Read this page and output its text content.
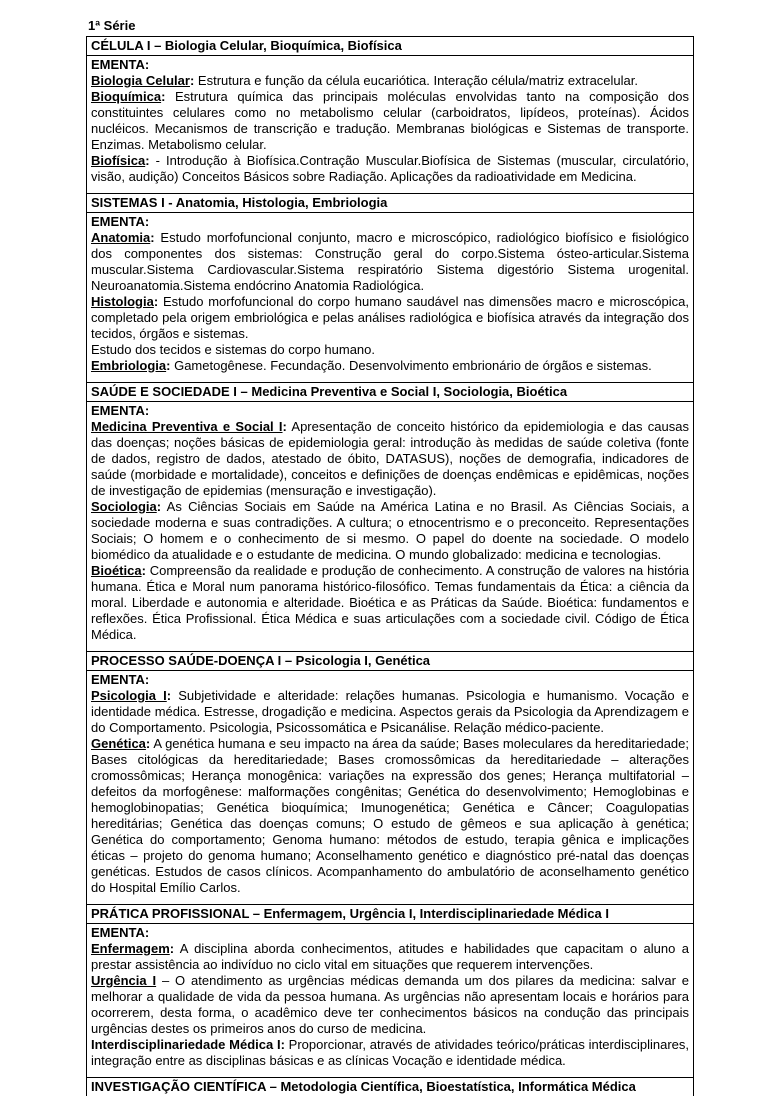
1ª Série
CÉLULA I – Biologia Celular, Bioquímica, Biofísica
EMENTA:

Biologia Celular: Estrutura e função da célula eucariótica. Interação célula/matriz extracelular.

Bioquímica: Estrutura química das principais moléculas envolvidas tanto na composição dos constituintes celulares como no metabolismo celular (carboidratos, lipídeos, proteínas). Ácidos nucléicos. Mecanismos de transcrição e tradução. Membranas biológicas e Sistemas de transporte. Enzimas. Metabolismo celular.

Biofísica: - Introdução à Biofísica.Contração Muscular.Biofísica de Sistemas (muscular, circulatório, visão, audição) Conceitos Básicos sobre Radiação. Aplicações da radioatividade em Medicina.

SISTEMAS I - Anatomia, Histologia, Embriologia
EMENTA:

Anatomia: Estudo morfofuncional conjunto, macro e microscópico, radiológico biofísico e fisiológico dos componentes dos sistemas: Construção geral do corpo.Sistema ósteo-articular.Sistema muscular.Sistema Cardiovascular.Sistema respiratório Sistema digestório Sistema urogenital. Neuroanatomia.Sistema endócrino Anatomia Radiológica.

Histologia: Estudo morfofuncional do corpo humano saudável nas dimensões macro e microscópica, completado pela origem embriológica e pelas análises radiológica e biofísica através da integração dos tecidos, órgãos e sistemas.

Estudo dos tecidos e sistemas do corpo humano.

Embriologia: Gametogênese. Fecundação. Desenvolvimento embrionário de órgãos e sistemas.

SAÚDE E SOCIEDADE I – Medicina Preventiva e Social I, Sociologia, Bioética
EMENTA:

Medicina Preventiva e Social I: Apresentação de conceito histórico da epidemiologia e das causas das doenças; noções básicas de epidemiologia geral: introdução às medidas de saúde coletiva (fonte de dados, registro de dados, atestado de óbito, DATASUS), noções de demografia, indicadores de saúde (morbidade e mortalidade), conceitos e definições de doenças endêmicas e epidêmicas, noções de investigação de epidemias (mensuração e investigação).

Sociologia: As Ciências Sociais em Saúde na América Latina e no Brasil. As Ciências Sociais, a sociedade moderna e suas contradições. A cultura; o etnocentrismo e o preconceito. Representações Sociais; O homem e o conhecimento de si mesmo. O papel do doente na sociedade. O modelo biomédico da atualidade e o estudante de medicina. O mundo globalizado: medicina e tecnologias.

Bioética: Compreensão da realidade e produção de conhecimento. A construção de valores na história humana. Ética e Moral num panorama histórico-filosófico. Temas fundamentais da Ética: a ciência da moral. Liberdade e autonomia e alteridade. Bioética e as Práticas da Saúde. Bioética: fundamentos e reflexões. Ética Profissional. Ética Médica e suas articulações com a sociedade civil. Código de Ética Médica.

PROCESSO SAÚDE-DOENÇA I – Psicologia I, Genética
EMENTA:

Psicologia I: Subjetividade e alteridade: relações humanas. Psicologia e humanismo. Vocação e identidade médica. Estresse, drogadição e medicina. Aspectos gerais da Psicologia da Aprendizagem e do Comportamento. Psicologia, Psicossomática e Psicanálise. Relação médico-paciente.

Genética: A genética humana e seu impacto na área da saúde; Bases moleculares da hereditariedade; Bases citológicas da hereditariedade; Bases cromossômicas da hereditariedade – alterações cromossômicas; Herança monogênica: variações na expressão dos genes; Herança multifatorial – defeitos da morfogênese: malformações congênitas; Genética do desenvolvimento; Hemoglobinas e hemoglobinopatias; Genética bioquímica; Imunogenética; Genética e Câncer; Coagulopatias hereditárias; Genética das doenças comuns; O estudo de gêmeos e sua aplicação à genética; Genética do comportamento; Genoma humano: métodos de estudo, terapia gênica e implicações éticas – projeto do genoma humano; Aconselhamento genético e diagnóstico pré-natal das doenças genéticas. Estudos de casos clínicos. Acompanhamento do ambulatório de aconselhamento genético do Hospital Emílio Carlos.

PRÁTICA PROFISSIONAL – Enfermagem, Urgência I, Interdisciplinariedade Médica I
EMENTA:

Enfermagem: A disciplina aborda conhecimentos, atitudes e habilidades que capacitam o aluno a prestar assistência ao indivíduo no ciclo vital em situações que requerem intervenções.

Urgência I – O atendimento as urgências médicas demanda um dos pilares da medicina: salvar e melhorar a qualidade de vida da pessoa humana. As urgências não apresentam locais e horários para ocorrerem, desta forma, o acadêmico deve ter conhecimentos básicos na condução das principais urgências destes os primeiros anos do curso de medicina.

Interdisciplinariedade Médica I: Proporcionar, através de atividades teórico/práticas interdisciplinares, integração entre as disciplinas básicas e as clínicas Vocação e identidade médica.

INVESTIGAÇÃO CIENTÍFICA – Metodologia Científica, Bioestatística, Informática Médica
